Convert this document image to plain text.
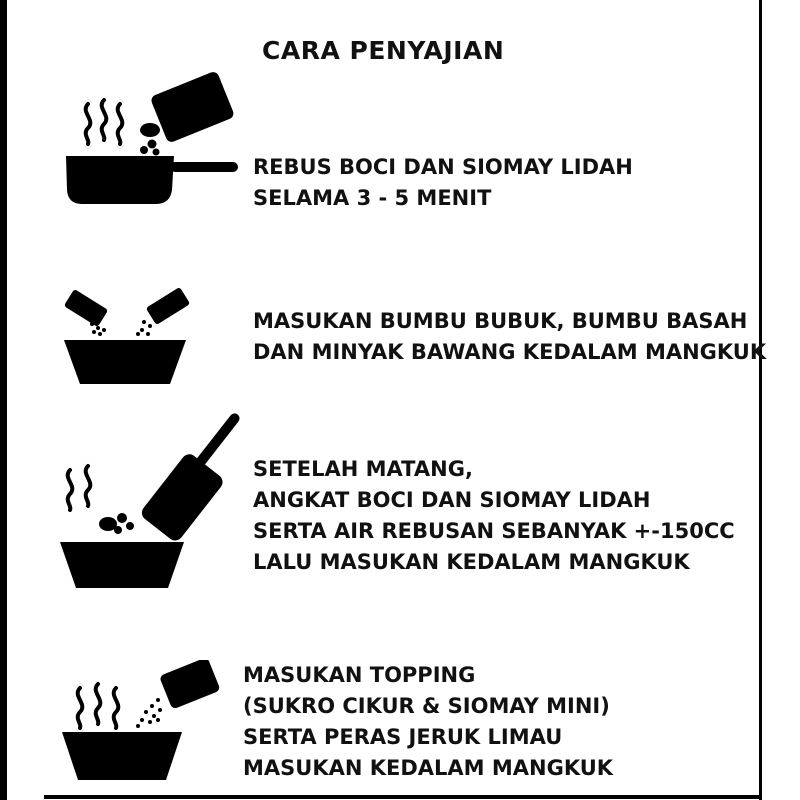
CARA PENYAJIAN
REBUS BOCI DAN SIOMAY LIDAH
SELAMA 3 - 5 MENIT
MASUKAN BUMBU BUBUK, BUMBU BASAH
DAN MINYAK BAWANG KEDALAM MANGKUK
SETELAH MATANG,
ANGKAT BOCI DAN SIOMAY LIDAH
SERTA AIR REBUSAN SEBANYAK +-150CC
LALU MASUKAN KEDALAM MANGKUK
MASUKAN TOPPING
(SUKRO CIKUR & SIOMAY MINI)
SERTA PERAS JERUK LIMAU
MASUKAN KEDALAM MANGKUK
